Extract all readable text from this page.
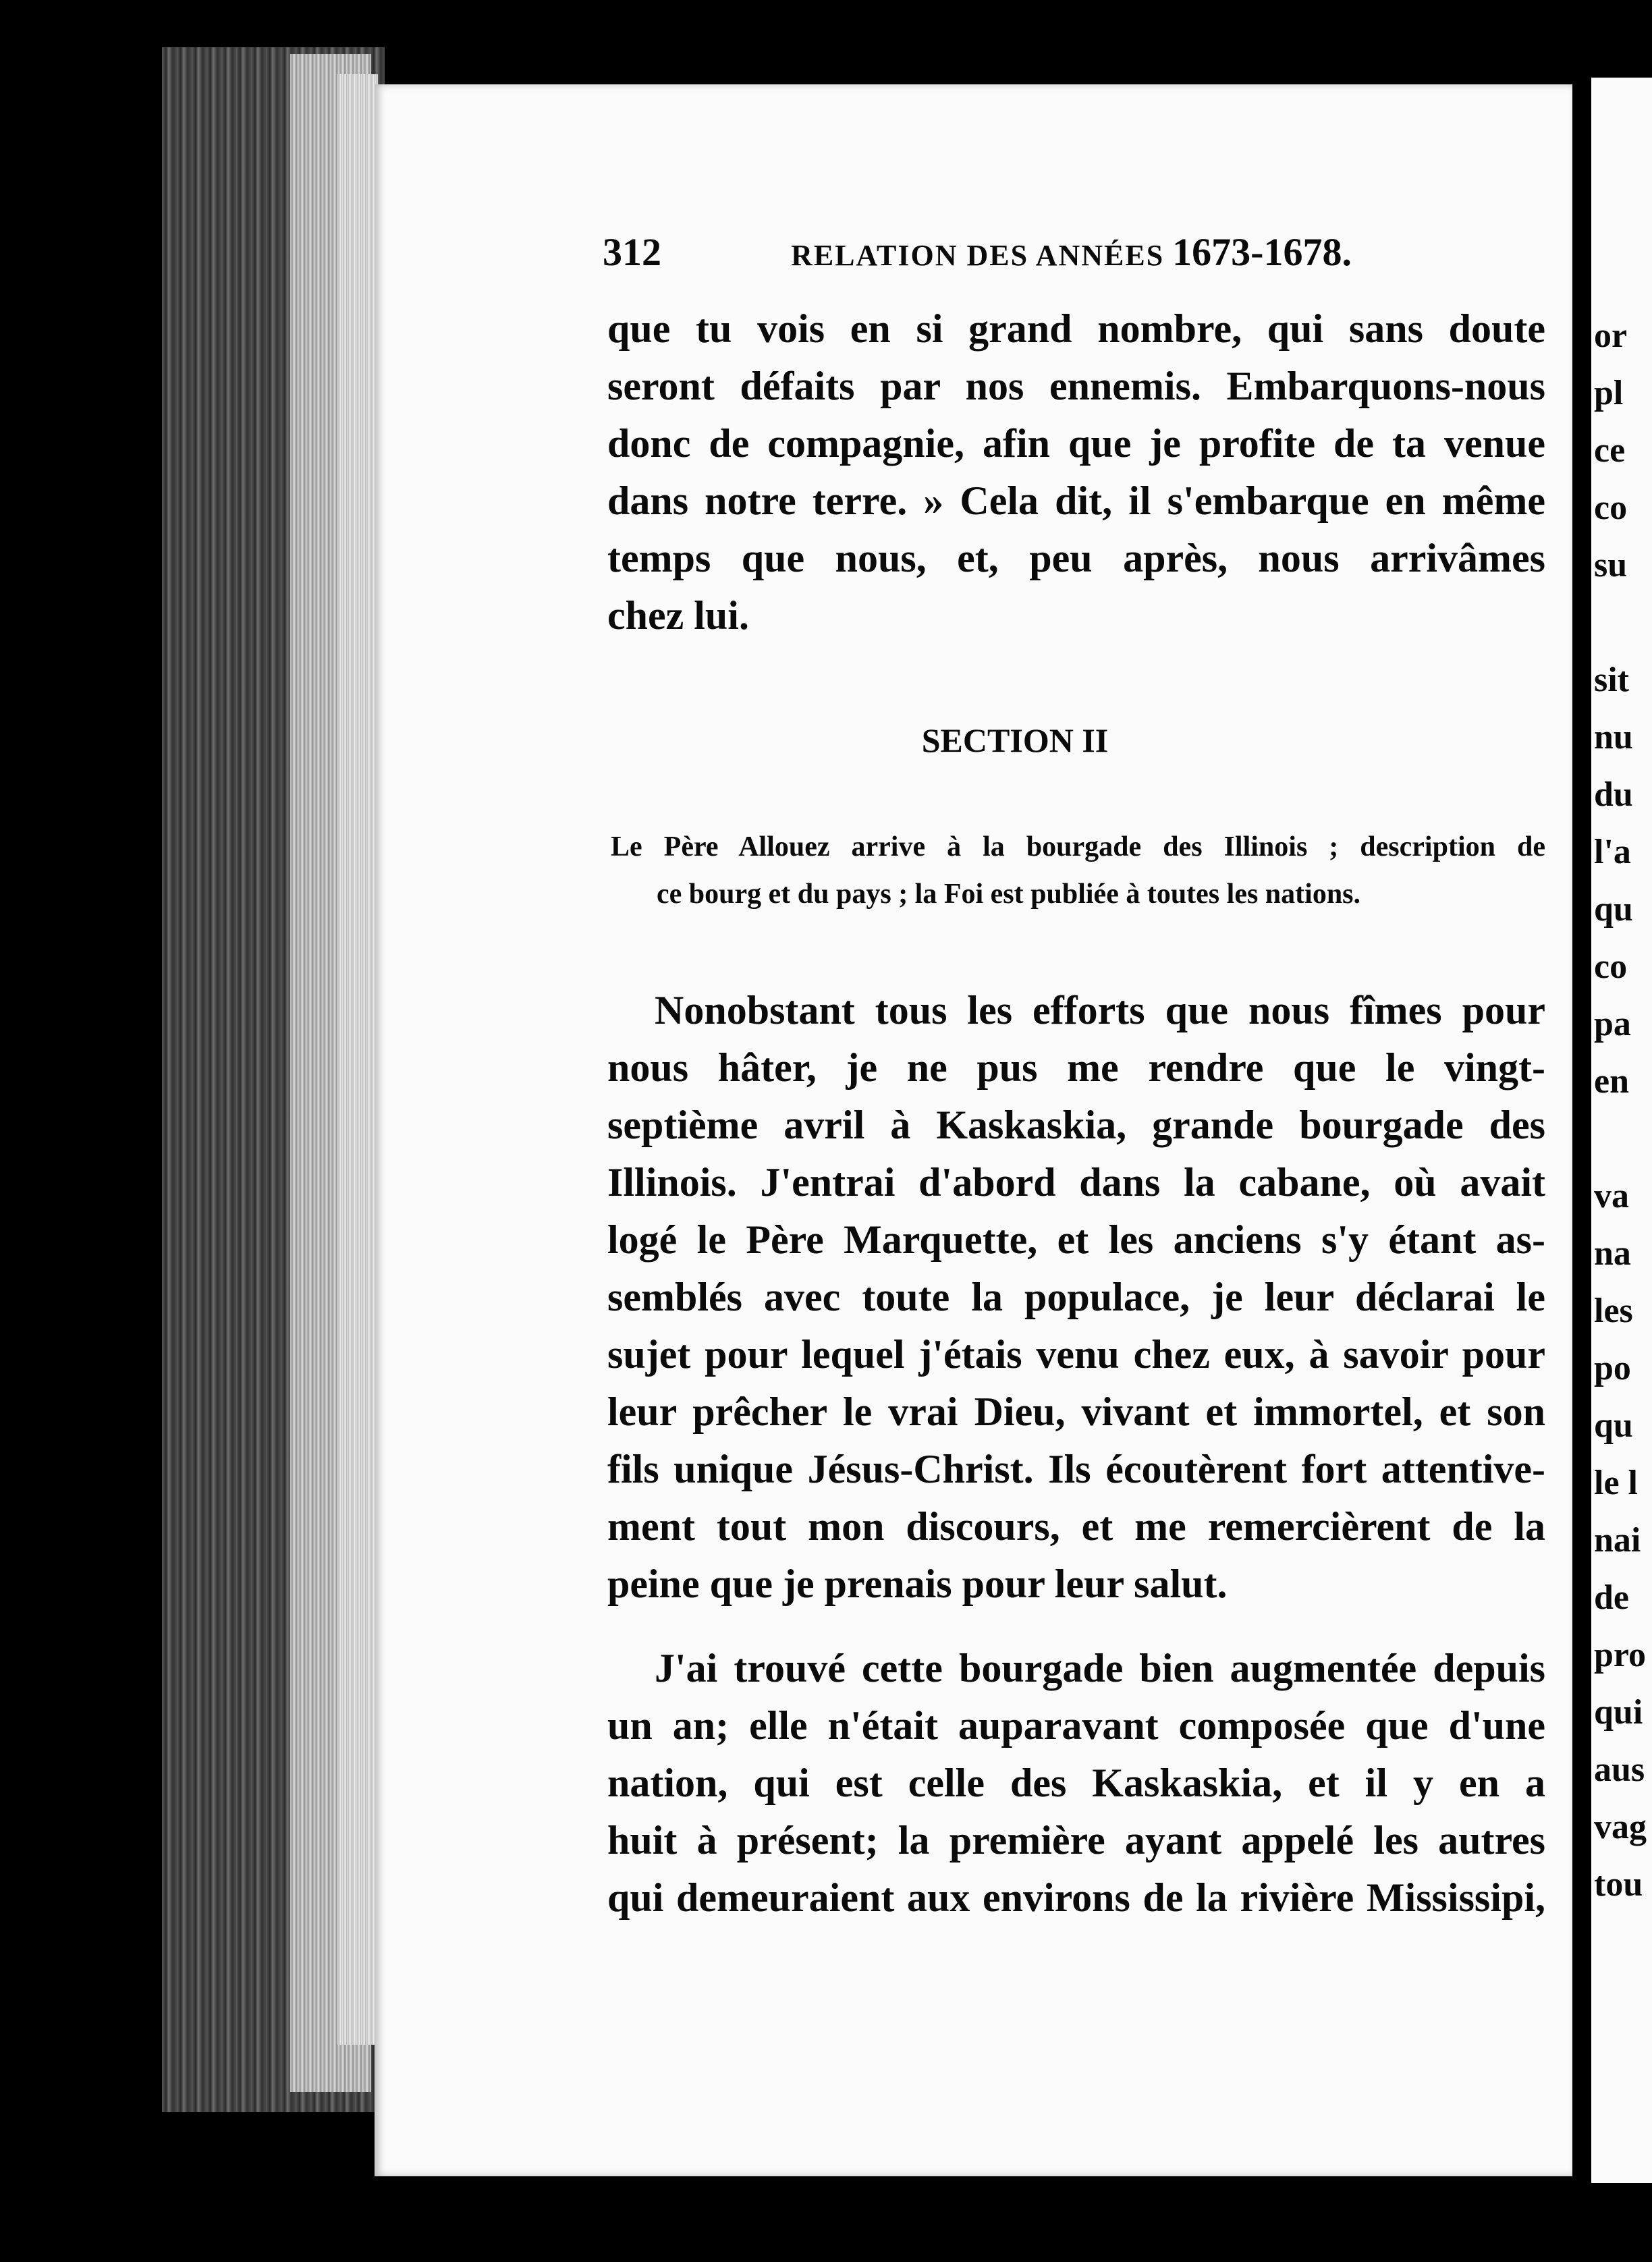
312	RELATION DES ANNÉES 1673-1678.
que tu vois en si grand nombre, qui sans doute
seront défaits par nos ennemis. Embarquons-nous
donc de compagnie, afin que je profite de ta venue
dans notre terre. » Cela dit, il s'embarque en même
temps que nous, et, peu après, nous arrivâmes
chez lui.
SECTION II
Le Père Allouez arrive à la bourgade des Illinois ; description de
ce bourg et du pays ; la Foi est publiée à toutes les nations.
Nonobstant tous les efforts que nous fîmes pour
nous hâter, je ne pus me rendre que le vingt-
septième avril à Kaskaskia, grande bourgade des
Illinois. J'entrai d'abord dans la cabane, où avait
logé le Père Marquette, et les anciens s'y étant as-
semblés avec toute la populace, je leur déclarai le
sujet pour lequel j'étais venu chez eux, à savoir pour
leur prêcher le vrai Dieu, vivant et immortel, et son
fils unique Jésus-Christ. Ils écoutèrent fort attentive-
ment tout mon discours, et me remercièrent de la
peine que je prenais pour leur salut.
J'ai trouvé cette bourgade bien augmentée depuis
un an; elle n'était auparavant composée que d'une
nation, qui est celle des Kaskaskia, et il y en a
huit à présent; la première ayant appelé les autres
qui demeuraient aux environs de la rivière Mississipi,
or
pl
ce
co
su

sit
nu
du
l'a
qu
co
pa
en

va
na
les
po
qu
le l
nai
de
pro
qui
aus
vag
tou
